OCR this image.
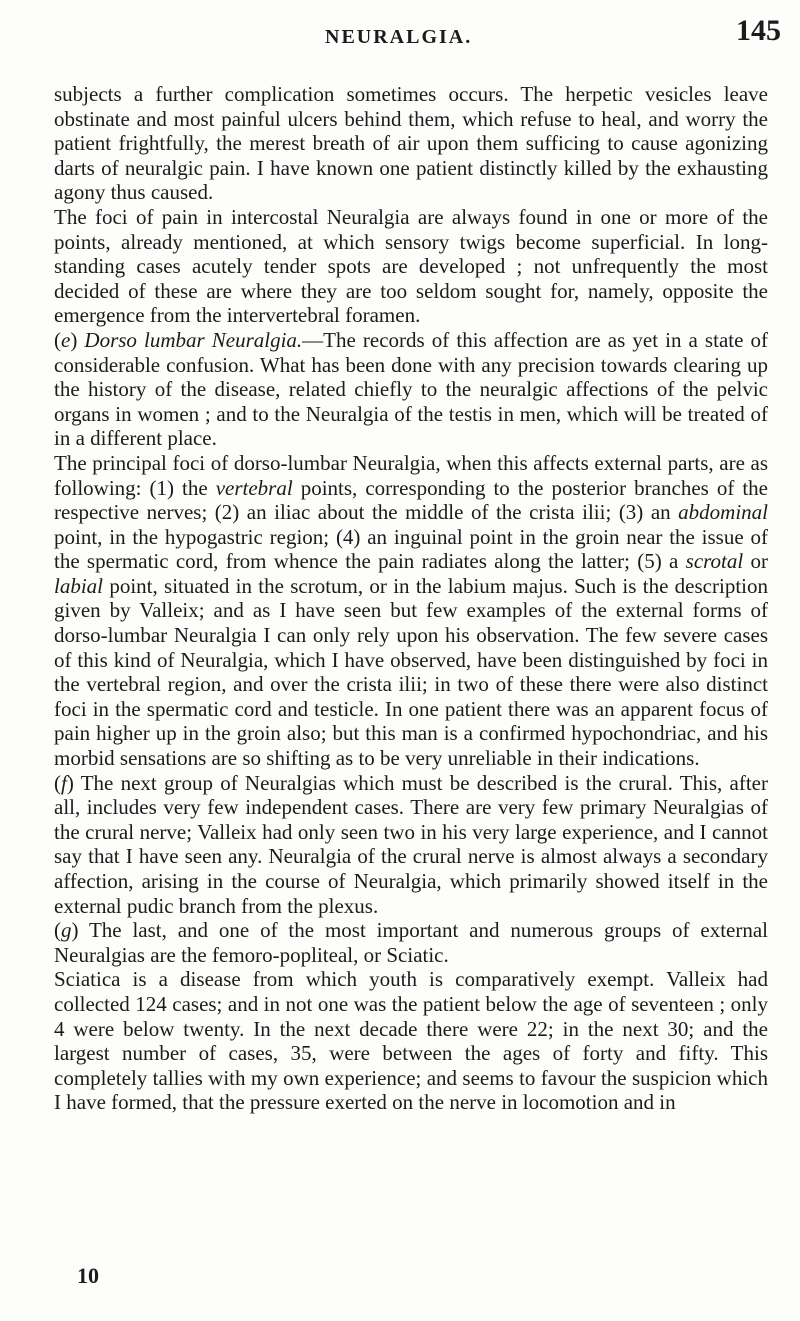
NEURALGIA.	145

subjects a further complication sometimes occurs. The herpetic vesicles leave obstinate and most painful ulcers behind them, which refuse to heal, and worry the patient frightfully, the merest breath of air upon them sufficing to cause agonizing darts of neuralgic pain. I have known one patient distinctly killed by the exhausting agony thus caused.

The foci of pain in intercostal Neuralgia are always found in one or more of the points, already mentioned, at which sensory twigs become superficial. In long-standing cases acutely tender spots are developed ; not unfrequently the most decided of these are where they are too seldom sought for, namely, opposite the emergence from the intervertebral foramen.

(e) Dorso lumbar Neuralgia.—The records of this affection are as yet in a state of considerable confusion. What has been done with any precision towards clearing up the history of the disease, related chiefly to the neuralgic affections of the pelvic organs in women ; and to the Neuralgia of the testis in men, which will be treated of in a different place.

The principal foci of dorso-lumbar Neuralgia, when this affects external parts, are as following: (1) the vertebral points, corresponding to the posterior branches of the respective nerves; (2) an iliac about the middle of the crista ilii; (3) an abdominal point, in the hypogastric region; (4) an inguinal point in the groin near the issue of the spermatic cord, from whence the pain radiates along the latter; (5) a scrotal or labial point, situated in the scrotum, or in the labium majus. Such is the description given by Valleix; and as I have seen but few examples of the external forms of dorso-lumbar Neuralgia I can only rely upon his observation. The few severe cases of this kind of Neuralgia, which I have observed, have been distinguished by foci in the vertebral region, and over the crista ilii; in two of these there were also distinct foci in the spermatic cord and testicle. In one patient there was an apparent focus of pain higher up in the groin also; but this man is a confirmed hypochondriac, and his morbid sensations are so shifting as to be very unreliable in their indications.

(f) The next group of Neuralgias which must be described is the crural. This, after all, includes very few independent cases. There are very few primary Neuralgias of the crural nerve; Valleix had only seen two in his very large experience, and I cannot say that I have seen any. Neuralgia of the crural nerve is almost always a secondary affection, arising in the course of Neuralgia, which primarily showed itself in the external pudic branch from the plexus.

(g) The last, and one of the most important and numerous groups of external Neuralgias are the femoro-popliteal, or Sciatic.

Sciatica is a disease from which youth is comparatively exempt. Valleix had collected 124 cases; and in not one was the patient below the age of seventeen ; only 4 were below twenty. In the next decade there were 22; in the next 30; and the largest number of cases, 35, were between the ages of forty and fifty. This completely tallies with my own experience; and seems to favour the suspicion which I have formed, that the pressure exerted on the nerve in locomotion and in

10
